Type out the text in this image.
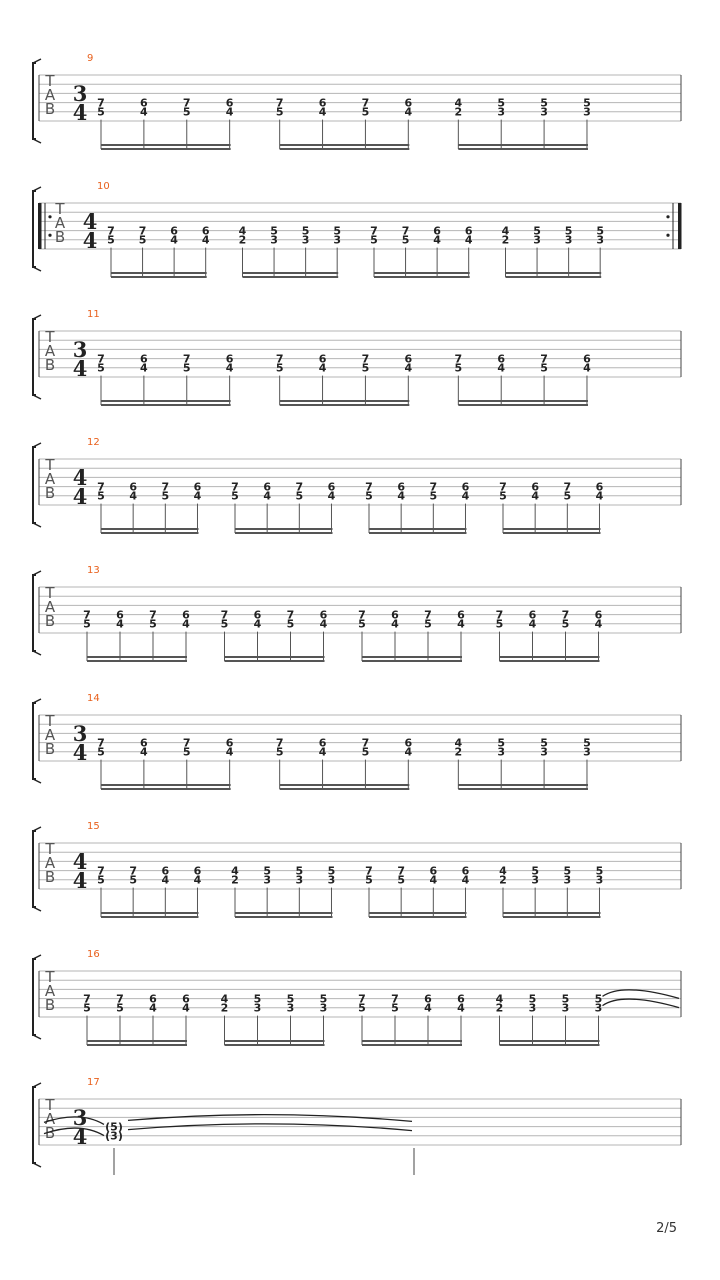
9
T
A
B
3
4 7
5
6
4
7
5
6
4
7
5
6
4
7
5
6
4
4
2
5
3
5
3
5
3
10
T
A
B
4
4 7
5
7
5
6
4
6
4
4
2
5
3
5
3
5
3
7
5
7
5
6
4
6
4
4
2
5
3
5
3
5
3
11
T
A
B
3
4 7
5
6
4
7
5
6
4
7
5
6
4
7
5
6
4
7
5
6
4
7
5
6
4
12
T
A
B
4
4 7
5
6
4
7
5
6
4
7
5
6
4
7
5
6
4
7
5
6
4
7
5
6
4
7
5
6
4
7
5
6
4
13
T
A
B	7
5
6
4
7
5
6
4
7
5
6
4
7
5
6
4
7
5
6
4
7
5
6
4
7
5
6
4
7
5
6
4
14
T
A
B
3
4 7
5
6
4
7
5
6
4
7
5
6
4
7
5
6
4
4
2
5
3
5
3
5
3
15
T
A
B
4
4 7
5
7
5
6
4
6
4
4
2
5
3
5
3
5
3
7
5
7
5
6
4
6
4
4
2
5
3
5
3
5
3
16
T
A
B	7
5
7
5
6
4
6
4
4
2
5
3
5
3
5
3
7
5
7
5
6
4
6
4
4
2
5
3
5
3
5
3
17
T
A
B
3
4 (5)
(3)
2/5
